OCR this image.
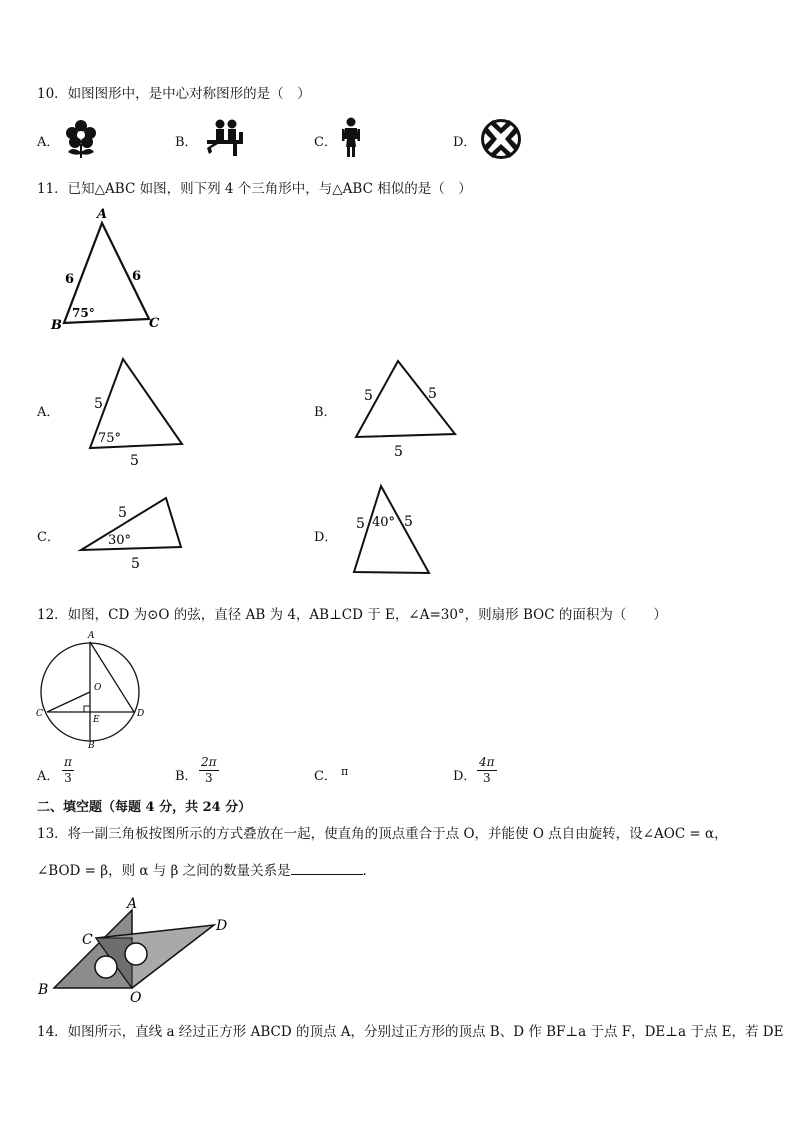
10．如图图形中，是中心对称图形的是（　）
A．	B．	C．	D．
11．已知△ABC 如图，则下列 4 个三角形中，与△ABC 相似的是（　）
A
B	C
6	6
75°
A．
5
75°
5
B．
5	5
5
C．
5
30°
5
D．
5 40° 5
12．如图，CD 为⊙O 的弦，直径 AB 为 4，AB⊥CD 于 E，∠A=30°，则扇形 BOC 的面积为（　　）
A
B
C	D
O
E
A． $\frac{\pi}{3}$	B． $\frac{2\pi}{3}$	C． π	D． $\frac{4\pi}{3}$
二、填空题（每题 4 分，共 24 分）
13．将一副三角板按图所示的方式叠放在一起，使直角的顶点重合于点 O，并能使 O 点自由旋转，设∠AOC = α，
∠BOD = β，则 α 与 β 之间的数量关系是	．
A
B
C
D
O
14．如图所示，直线 a 经过正方形 ABCD 的顶点 A，分别过正方形的顶点 B、D 作 BF⊥a 于点 F，DE⊥a 于点 E，若 DE
